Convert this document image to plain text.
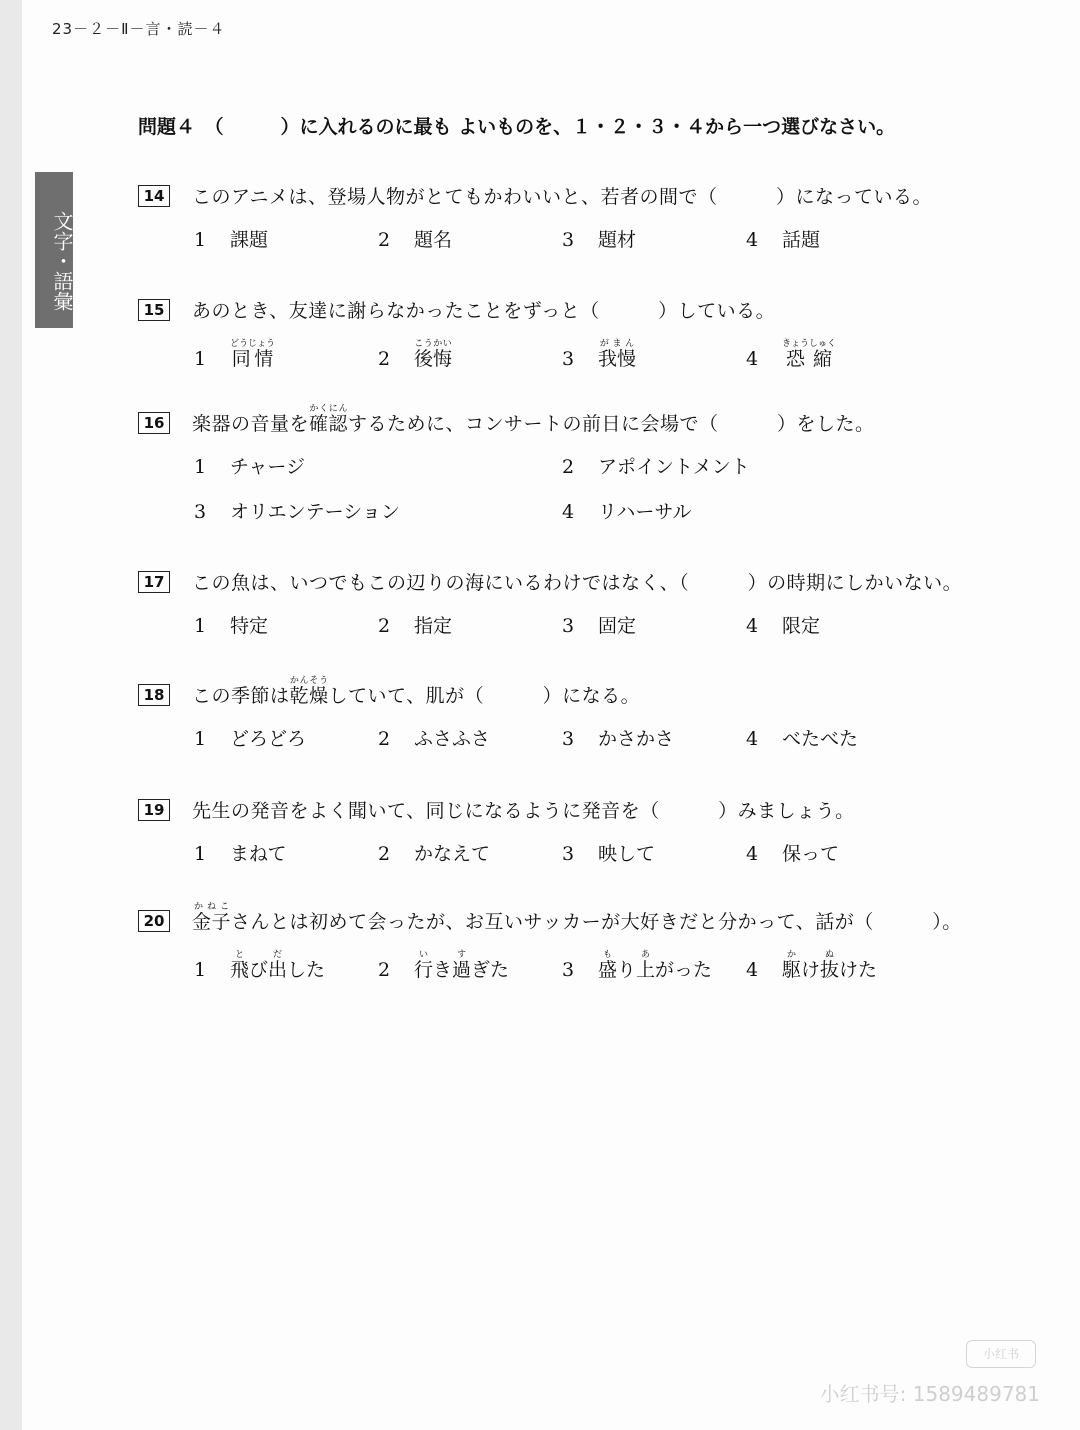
23－２－Ⅱ－言・読－４
文字・語彙
問題４　（　　　）に入れるのに最も よいものを、１・２・３・４から一つ選びなさい。
14 このアニメは、登場人物がとてもかわいいと、若者の間で（　　　）になっている。
1 課題	2 題名	3 題材	4 話題
15 あのとき、友達に謝らなかったことをずっと（　　　）している。
1 同情どうじょう
2 後悔こうかい
3 我慢がまん
4 恐縮きょうしゅく
16 楽器の音量を確認かくにんするために、コンサートの前日に会場で（　　　）をした。
1 チャージ	2 アポイントメント
3 オリエンテーション	4 リハーサル
17 この魚は、いつでもこの辺りの海にいるわけではなく、（　　　）の時期にしかいない。
1 特定	2 指定	3 固定	4 限定
18 この季節は乾燥かんそうしていて、肌が（　　　）になる。
1 どろどろ	2 ふさふさ	3 かさかさ	4 べたべた
19 先生の発音をよく聞いて、同じになるように発音を（　　　）みましょう。
1 まねて	2 かなえて	3 映して	4 保って
20 金子かねこさんとは初めて会ったが、お互いサッカーが大好きだと分かって、話が（　　　）。
1 飛とび出だした	2 行いき過すぎた	3 盛もり上あがった 4 駆かけ抜ぬけた
小红书
小红书号: 1589489781
